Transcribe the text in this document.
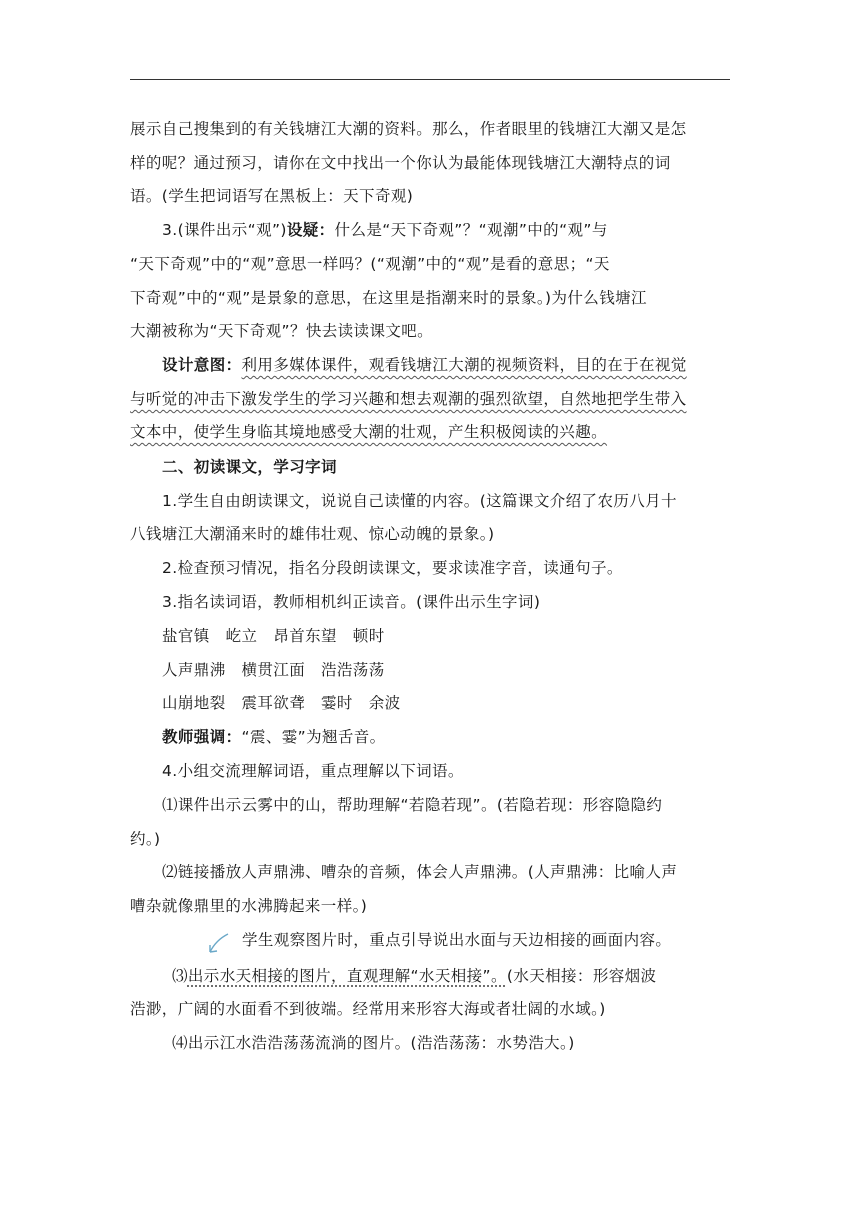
展示自己搜集到的有关钱塘江大潮的资料。那么，作者眼里的钱塘江大潮又是怎
样的呢？通过预习，请你在文中找出一个你认为最能体现钱塘江大潮特点的词
语。(学生把词语写在黑板上：天下奇观)
3.(课件出示“观”)设疑：什么是“天下奇观”？“观潮”中的“观”与
“天下奇观”中的“观”意思一样吗？(“观潮”中的“观”是看的意思；“天
下奇观”中的“观”是景象的意思，在这里是指潮来时的景象。)为什么钱塘江
大潮被称为“天下奇观”？快去读读课文吧。
设计意图：利用多媒体课件，观看钱塘江大潮的视频资料，目的在于在视觉
与听觉的冲击下激发学生的学习兴趣和想去观潮的强烈欲望，自然地把学生带入
文本中，使学生身临其境地感受大潮的壮观，产生积极阅读的兴趣。
二、初读课文，学习字词
1.学生自由朗读课文，说说自己读懂的内容。(这篇课文介绍了农历八月十
八钱塘江大潮涌来时的雄伟壮观、惊心动魄的景象。)
2.检查预习情况，指名分段朗读课文，要求读准字音，读通句子。
3.指名读词语，教师相机纠正读音。(课件出示生字词)
盐官镇　屹立　昂首东望　顿时
人声鼎沸　横贯江面　浩浩荡荡
山崩地裂　震耳欲聋　霎时　余波
教师强调：“震、霎”为翘舌音。
4.小组交流理解词语，重点理解以下词语。
⑴课件出示云雾中的山，帮助理解“若隐若现”。(若隐若现：形容隐隐约
约。)
⑵链接播放人声鼎沸、嘈杂的音频，体会人声鼎沸。(人声鼎沸：比喻人声
嘈杂就像鼎里的水沸腾起来一样。)
学生观察图片时，重点引导说出水面与天边相接的画面内容。
⑶出示水天相接的图片，直观理解“水天相接”。(水天相接：形容烟波
浩渺，广阔的水面看不到彼端。经常用来形容大海或者壮阔的水域。)
⑷出示江水浩浩荡荡流淌的图片。(浩浩荡荡：水势浩大。)
